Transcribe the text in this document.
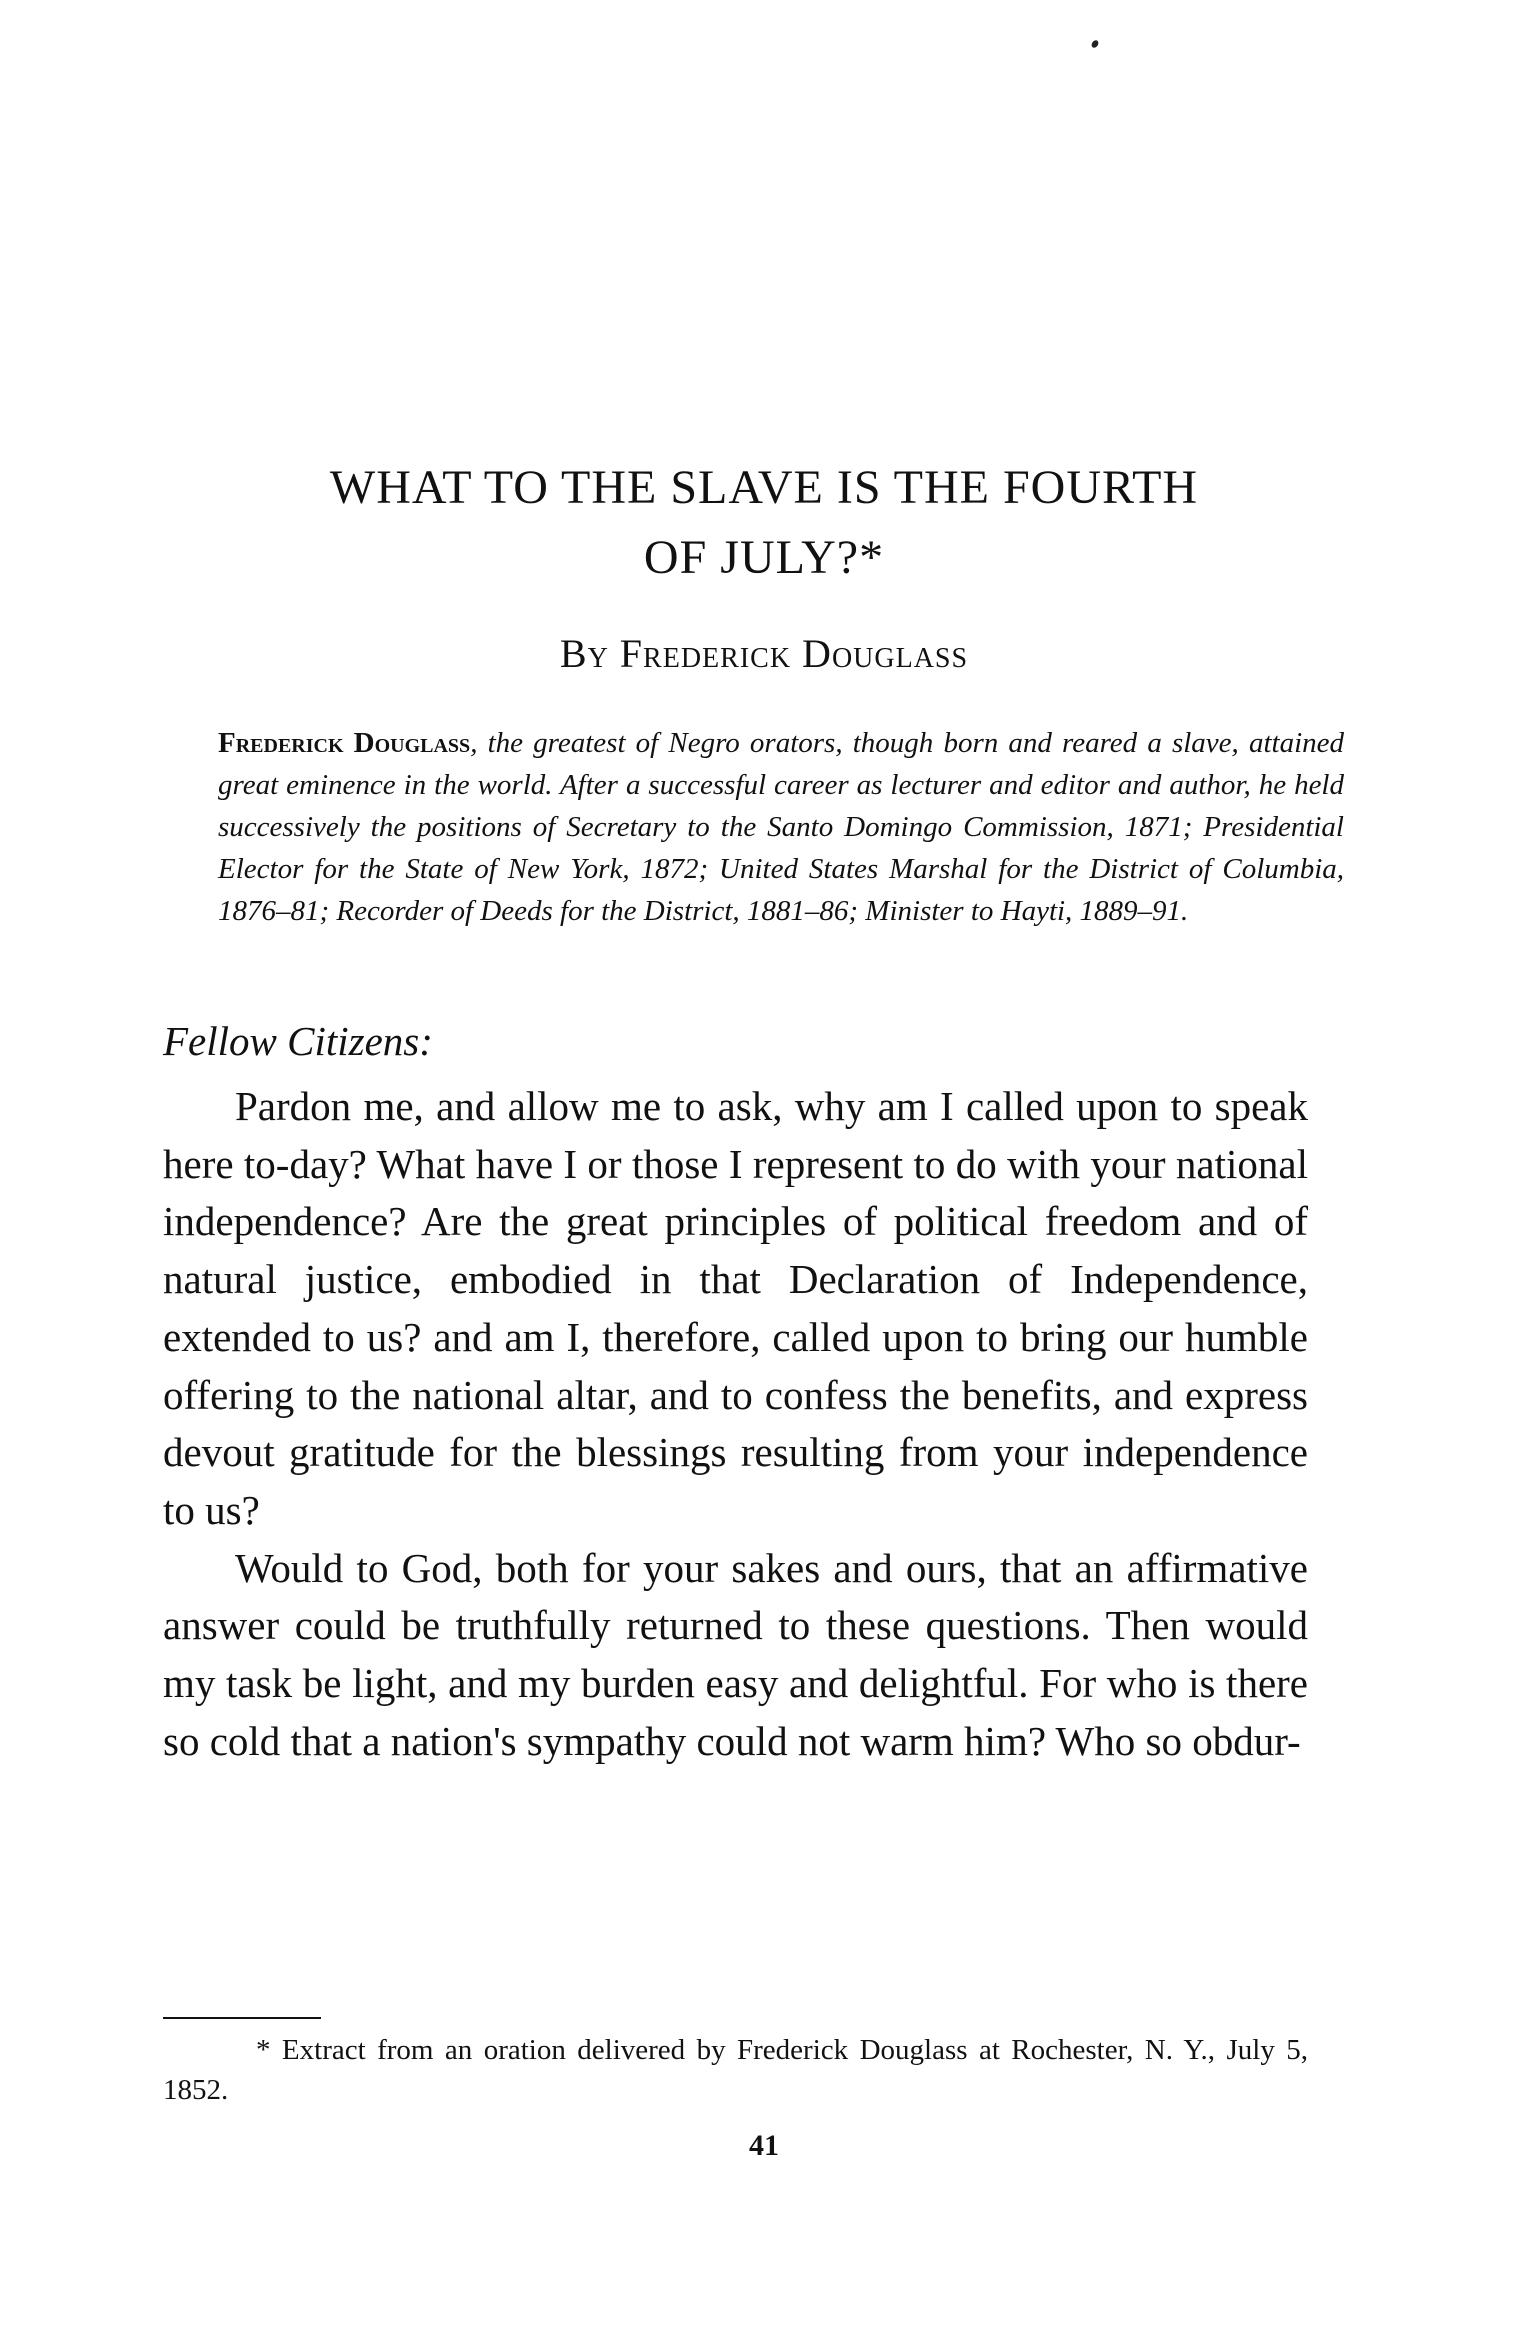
WHAT TO THE SLAVE IS THE FOURTH
OF JULY?*
By Frederick Douglass
Frederick Douglass, the greatest of Negro orators, though born and reared a slave, attained great eminence in the world. After a successful career as lecturer and editor and author, he held successively the positions of Secretary to the Santo Domingo Commission, 1871; Presidential Elector for the State of New York, 1872; United States Marshal for the District of Columbia, 1876–81; Recorder of Deeds for the District, 1881–86; Minister to Hayti, 1889–91.

Fellow Citizens:

Pardon me, and allow me to ask, why am I called upon to speak here to-day? What have I or those I represent to do with your national independence? Are the great principles of political freedom and of natural justice, embodied in that Declaration of Independence, extended to us? and am I, therefore, called upon to bring our humble offering to the national altar, and to confess the benefits, and express devout gratitude for the blessings resulting from your independence to us?

Would to God, both for your sakes and ours, that an affirmative answer could be truthfully returned to these questions. Then would my task be light, and my burden easy and delightful. For who is there so cold that a nation's sympathy could not warm him? Who so obdur-

* Extract from an oration delivered by Frederick Douglass at Rochester, N. Y., July 5, 1852.

41
